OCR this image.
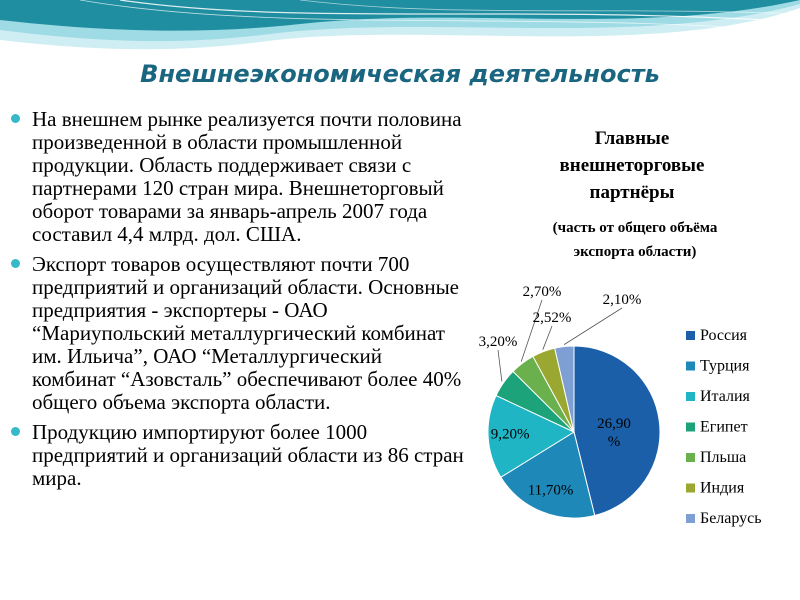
Внешнеэкономическая деятельность
На внешнем рынке реализуется почти половина произведенной в области промышленной продукции. Область поддерживает связи с партнерами 120 стран мира. Внешнеторговый оборот товарами за январь-апрель 2007 года составил 4,4 млрд. дол. США.
Экспорт товаров осуществляют почти 700 предприятий и организаций области. Основные предприятия - экспортеры - ОАО “Мариупольский металлургический комбинат им. Ильича”, ОАО “Металлургический комбинат “Азовсталь” обеспечивают более 40% общего объема экспорта области.
Продукцию импортируют более 1000 предприятий и организаций области из 86 стран мира.
Главные внешнеторговые партнёры
(часть от общего объёма экспорта области)
26,90 %
11,70%
9,20%
3,20%
2,70%
2,52%
2,10%
Россия
Турция
Италия
Египет
Пльша
Индия
Беларусь
